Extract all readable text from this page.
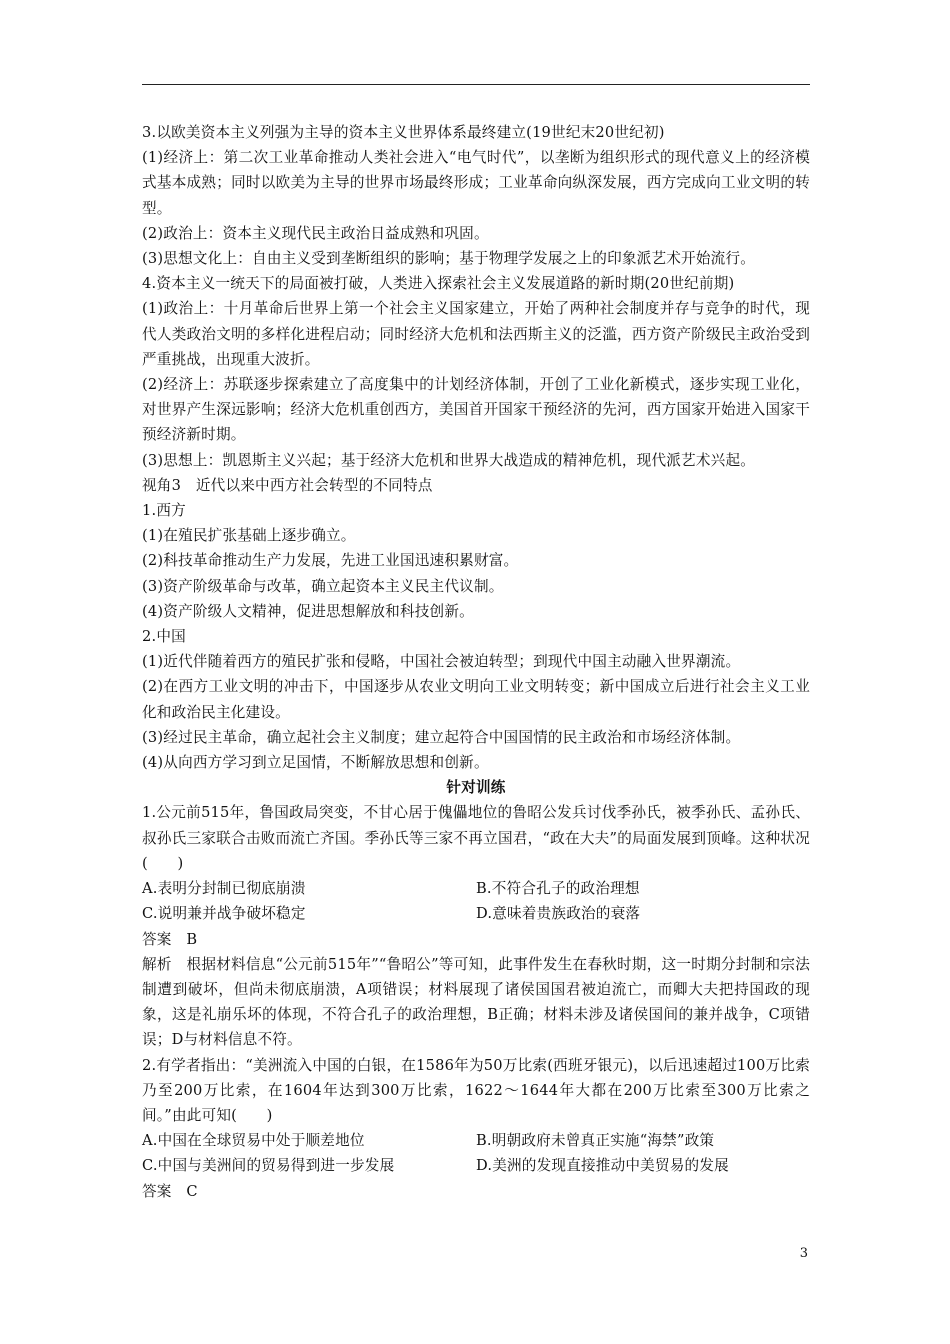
3.以欧美资本主义列强为主导的资本主义世界体系最终建立(19世纪末20世纪初)

(1)经济上：第二次工业革命推动人类社会进入“电气时代”，以垄断为组织形式的现代意义上的经济模式基本成熟；同时以欧美为主导的世界市场最终形成；工业革命向纵深发展，西方完成向工业文明的转型。

(2)政治上：资本主义现代民主政治日益成熟和巩固。

(3)思想文化上：自由主义受到垄断组织的影响；基于物理学发展之上的印象派艺术开始流行。

4.资本主义一统天下的局面被打破，人类进入探索社会主义发展道路的新时期(20世纪前期)

(1)政治上：十月革命后世界上第一个社会主义国家建立，开始了两种社会制度并存与竞争的时代，现代人类政治文明的多样化进程启动；同时经济大危机和法西斯主义的泛滥，西方资产阶级民主政治受到严重挑战，出现重大波折。

(2)经济上：苏联逐步探索建立了高度集中的计划经济体制，开创了工业化新模式，逐步实现工业化，对世界产生深远影响；经济大危机重创西方，美国首开国家干预经济的先河，西方国家开始进入国家干预经济新时期。

(3)思想上：凯恩斯主义兴起；基于经济大危机和世界大战造成的精神危机，现代派艺术兴起。

视角3　近代以来中西方社会转型的不同特点

1.西方

(1)在殖民扩张基础上逐步确立。

(2)科技革命推动生产力发展，先进工业国迅速积累财富。

(3)资产阶级革命与改革，确立起资本主义民主代议制。

(4)资产阶级人文精神，促进思想解放和科技创新。

2.中国

(1)近代伴随着西方的殖民扩张和侵略，中国社会被迫转型；到现代中国主动融入世界潮流。

(2)在西方工业文明的冲击下，中国逐步从农业文明向工业文明转变；新中国成立后进行社会主义工业化和政治民主化建设。

(3)经过民主革命，确立起社会主义制度；建立起符合中国国情的民主政治和市场经济体制。

(4)从向西方学习到立足国情，不断解放思想和创新。

针对训练

1.公元前515年，鲁国政局突变，不甘心居于傀儡地位的鲁昭公发兵讨伐季孙氏，被季孙氏、孟孙氏、叔孙氏三家联合击败而流亡齐国。季孙氏等三家不再立国君，“政在大夫”的局面发展到顶峰。这种状况(　　)

A.表明分封制已彻底崩溃	B.不符合孔子的政治理想

C.说明兼并战争破坏稳定	D.意味着贵族政治的衰落

答案　B

解析　根据材料信息“公元前515年”“鲁昭公”等可知，此事件发生在春秋时期，这一时期分封制和宗法制遭到破坏，但尚未彻底崩溃，A项错误；材料展现了诸侯国国君被迫流亡，而卿大夫把持国政的现象，这是礼崩乐坏的体现，不符合孔子的政治理想，B正确；材料未涉及诸侯国间的兼并战争，C项错误；D与材料信息不符。

2.有学者指出：“美洲流入中国的白银，在1586年为50万比索(西班牙银元)，以后迅速超过100万比索乃至200万比索，在1604年达到300万比索，1622～1644年大都在200万比索至300万比索之间。”由此可知(　　)

A.中国在全球贸易中处于顺差地位	B.明朝政府未曾真正实施“海禁”政策

C.中国与美洲间的贸易得到进一步发展	D.美洲的发现直接推动中美贸易的发展

答案　C

3
